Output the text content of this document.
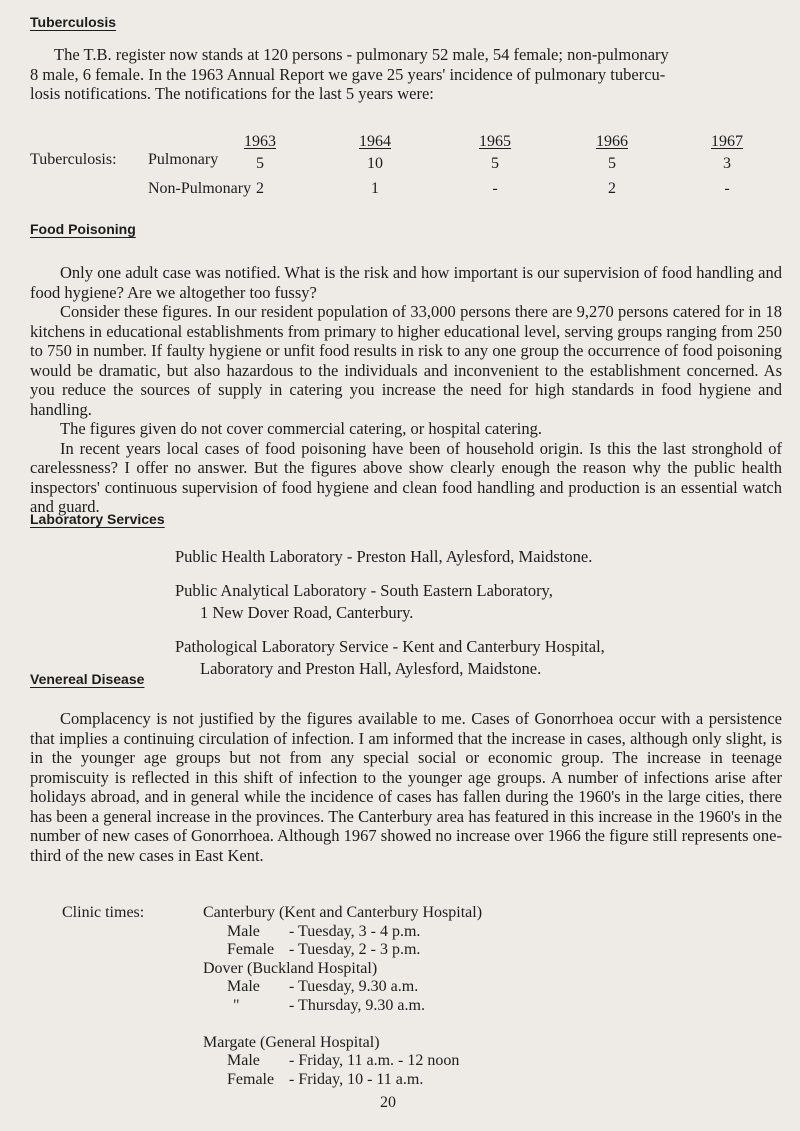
Tuberculosis
The T.B. register now stands at 120 persons - pulmonary 52 male, 54 female; non-pulmonary
8 male, 6 female. In the 1963 Annual Report we gave 25 years' incidence of pulmonary tubercu-
losis notifications. The notifications for the last 5 years were:
1963	1964	1965	1966	1967
Tuberculosis: Pulmonary	5	10	5	5	3
Non-Pulmonary 2	1	-	2	-
Food Poisoning

Only one adult case was notified. What is the risk and how important is our supervision of food handling and food hygiene? Are we altogether too fussy?

Consider these figures. In our resident population of 33,000 persons there are 9,270 persons catered for in 18 kitchens in educational establishments from primary to higher educational level, serving groups ranging from 250 to 750 in number. If faulty hygiene or unfit food results in risk to any one group the occurrence of food poisoning would be dramatic, but also hazardous to the individuals and inconvenient to the establishment concerned. As you reduce the sources of supply in catering you increase the need for high standards in food hygiene and handling.

The figures given do not cover commercial catering, or hospital catering.

In recent years local cases of food poisoning have been of household origin. Is this the last stronghold of carelessness? I offer no answer. But the figures above show clearly enough the reason why the public health inspectors' continuous supervision of food hygiene and clean food handling and production is an essential watch and guard.

Laboratory Services

Public Health Laboratory - Preston Hall, Aylesford, Maidstone.

Public Analytical Laboratory - South Eastern Laboratory,

1 New Dover Road, Canterbury.

Pathological Laboratory Service - Kent and Canterbury Hospital,

Laboratory and Preston Hall, Aylesford, Maidstone.

Venereal Disease

Complacency is not justified by the figures available to me. Cases of Gonorrhoea occur with a persistence that implies a continuing circulation of infection. I am informed that the increase in cases, although only slight, is in the younger age groups but not from any special social or economic group. The increase in teenage promiscuity is reflected in this shift of infection to the younger age groups. A number of infections arise after holidays abroad, and in general while the incidence of cases has fallen during the 1960's in the large cities, there has been a general increase in the provinces. The Canterbury area has featured in this increase in the 1960's in the number of new cases of Gonorrhoea. Although 1967 showed no increase over 1966 the figure still represents one-third of the new cases in East Kent.

Clinic times:	Canterbury (Kent and Canterbury Hospital)
Male - Tuesday, 3 - 4 p.m.
Female - Tuesday, 2 - 3 p.m.
Dover (Buckland Hospital)
Male - Tuesday, 9.30 a.m.
"	- Thursday, 9.30 a.m.
Margate (General Hospital)
Male - Friday, 11 a.m. - 12 noon
Female - Friday, 10 - 11 a.m.
20
